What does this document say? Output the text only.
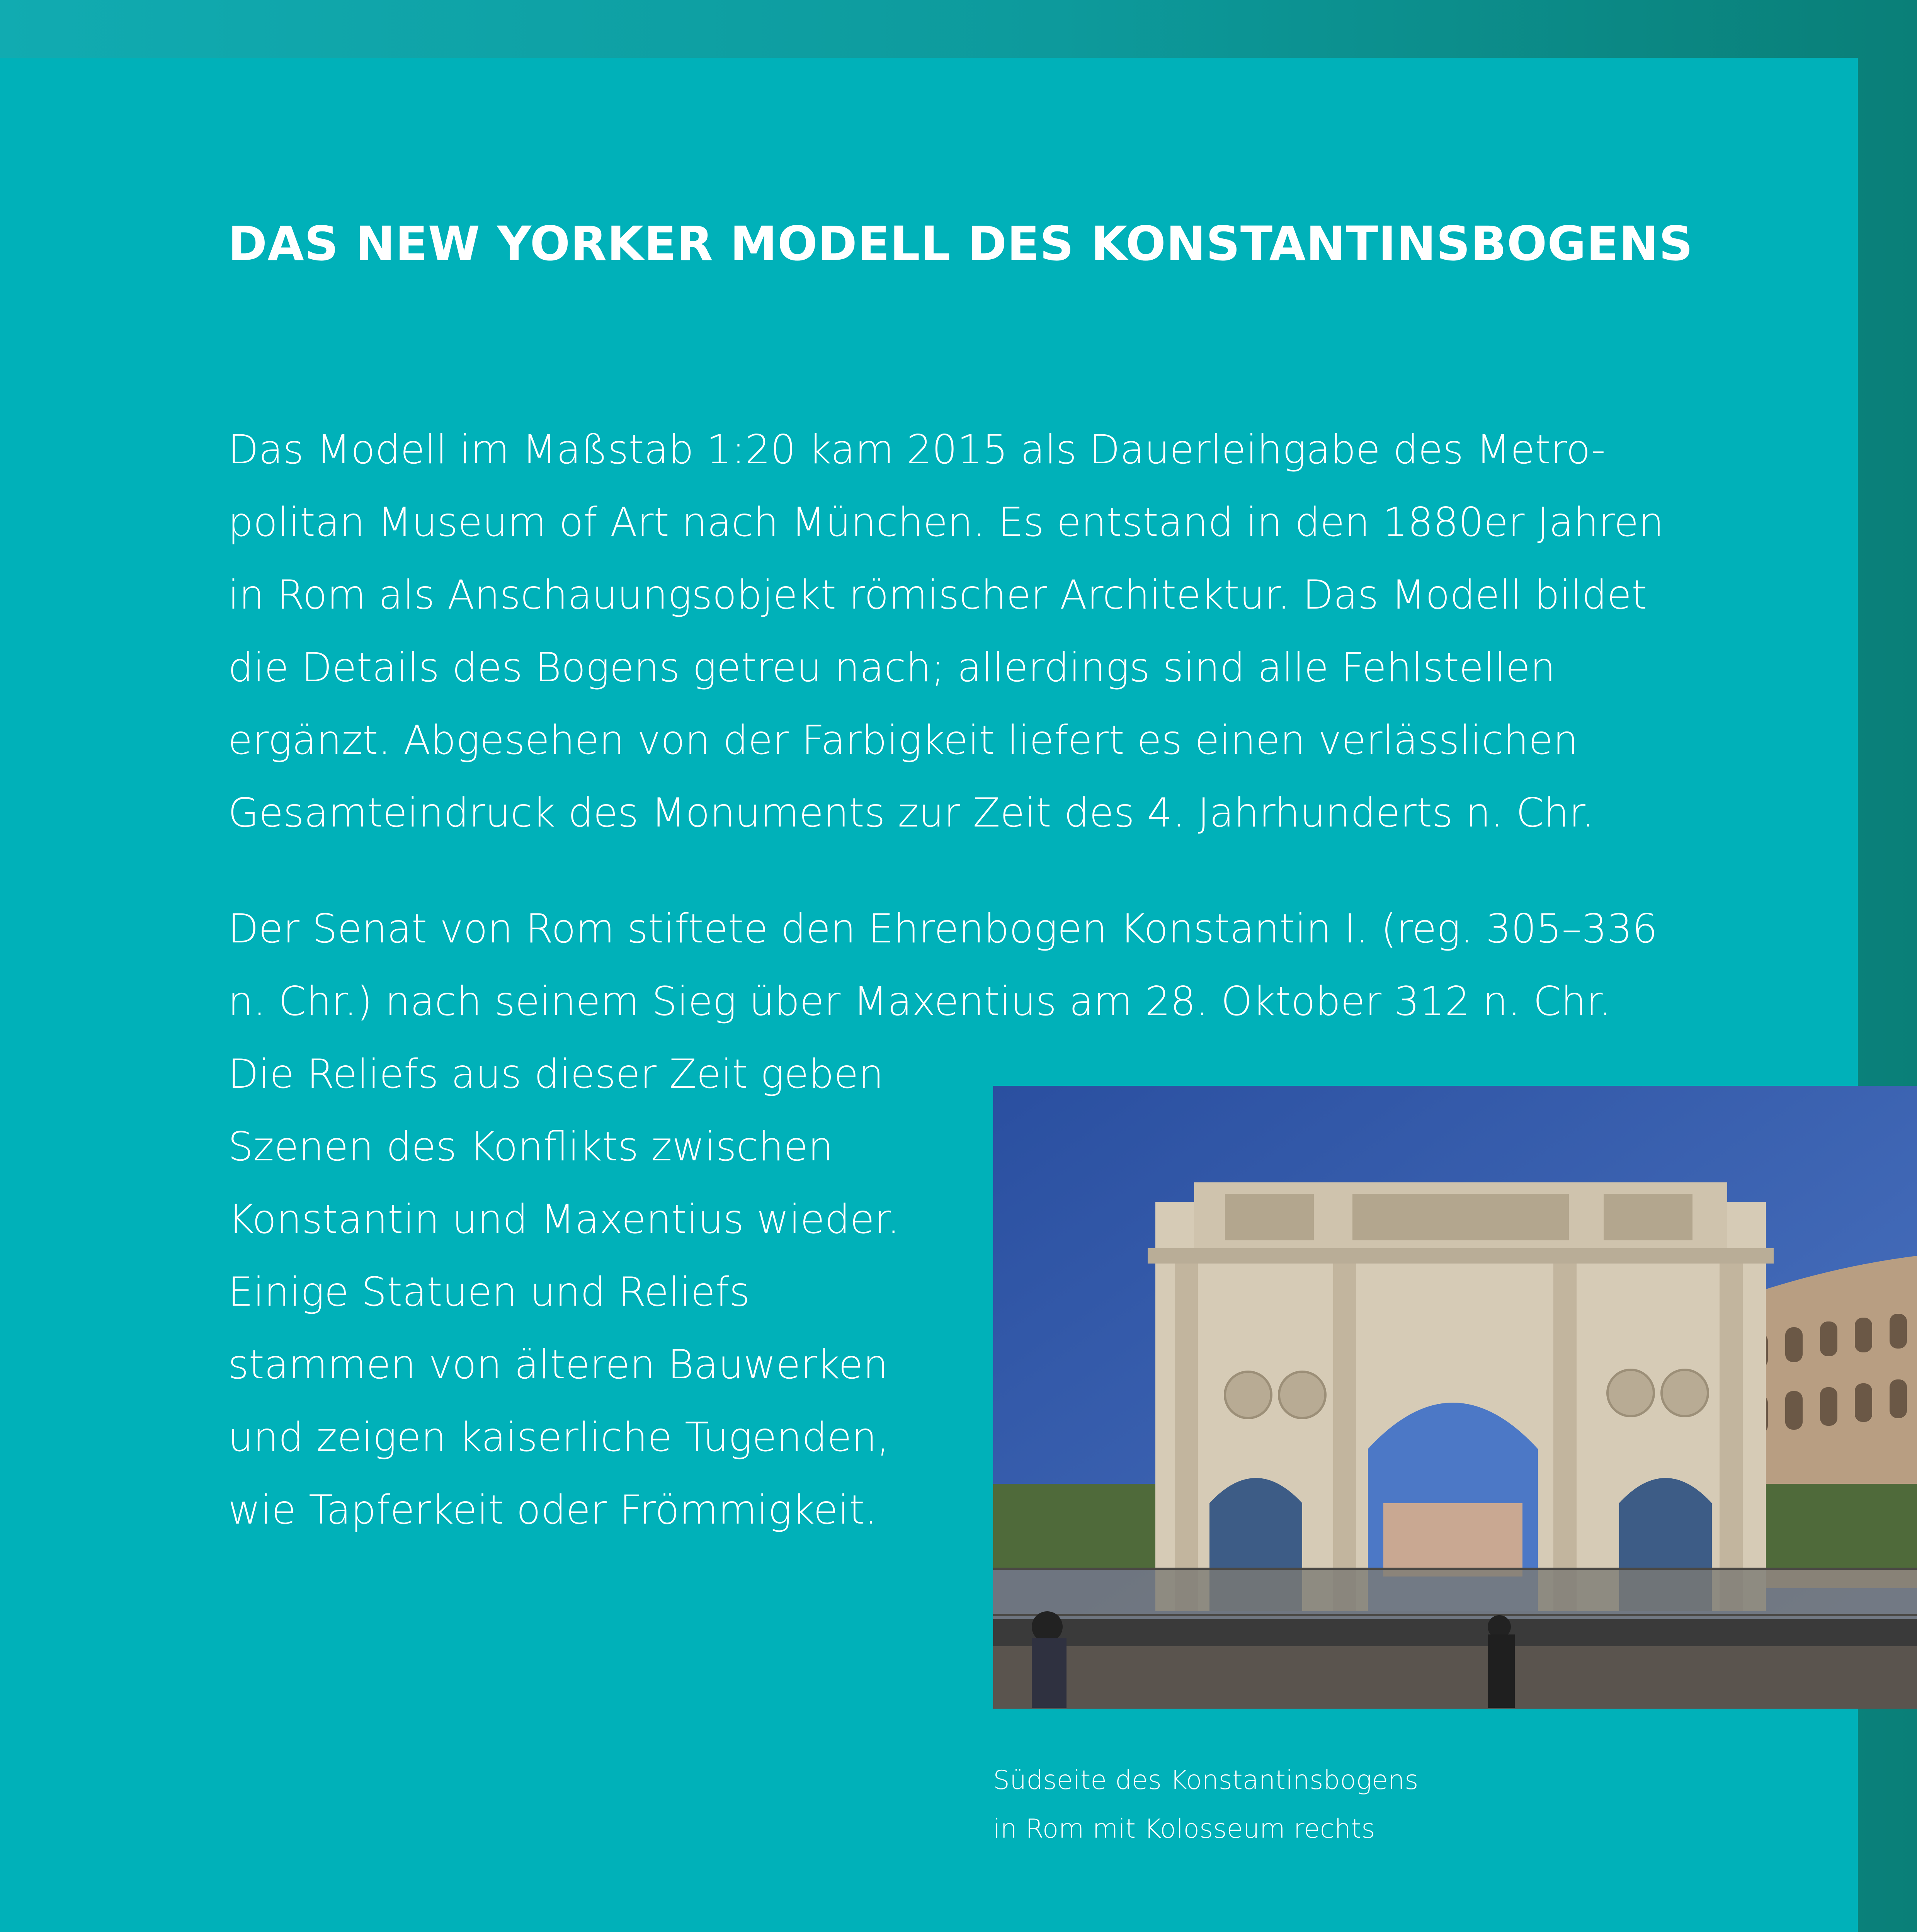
DAS NEW YORKER MODELL DES KONSTANTINSBOGENS

Das Modell im Maßstab 1:20 kam 2015 als Dauerleihgabe des Metro-
politan Museum of Art nach München. Es entstand in den 1880er Jahren
in Rom als Anschauungsobjekt römischer Architektur. Das Modell bildet
die Details des Bogens getreu nach; allerdings sind alle Fehlstellen
ergänzt. Abgesehen von der Farbigkeit liefert es einen verlässlichen
Gesamteindruck des Monuments zur Zeit des 4. Jahrhunderts n. Chr.

Der Senat von Rom stiftete den Ehrenbogen Konstantin I. (reg. 305–336
n. Chr.) nach seinem Sieg über Maxentius am 28. Oktober 312 n. Chr.

Die Reliefs aus dieser Zeit geben
Szenen des Konflikts zwischen
Konstantin und Maxentius wieder.
Einige Statuen und Reliefs
stammen von älteren Bauwerken
und zeigen kaiserliche Tugenden,
wie Tapferkeit oder Frömmigkeit.

Südseite des Konstantinsbogens
in Rom mit Kolosseum rechts
